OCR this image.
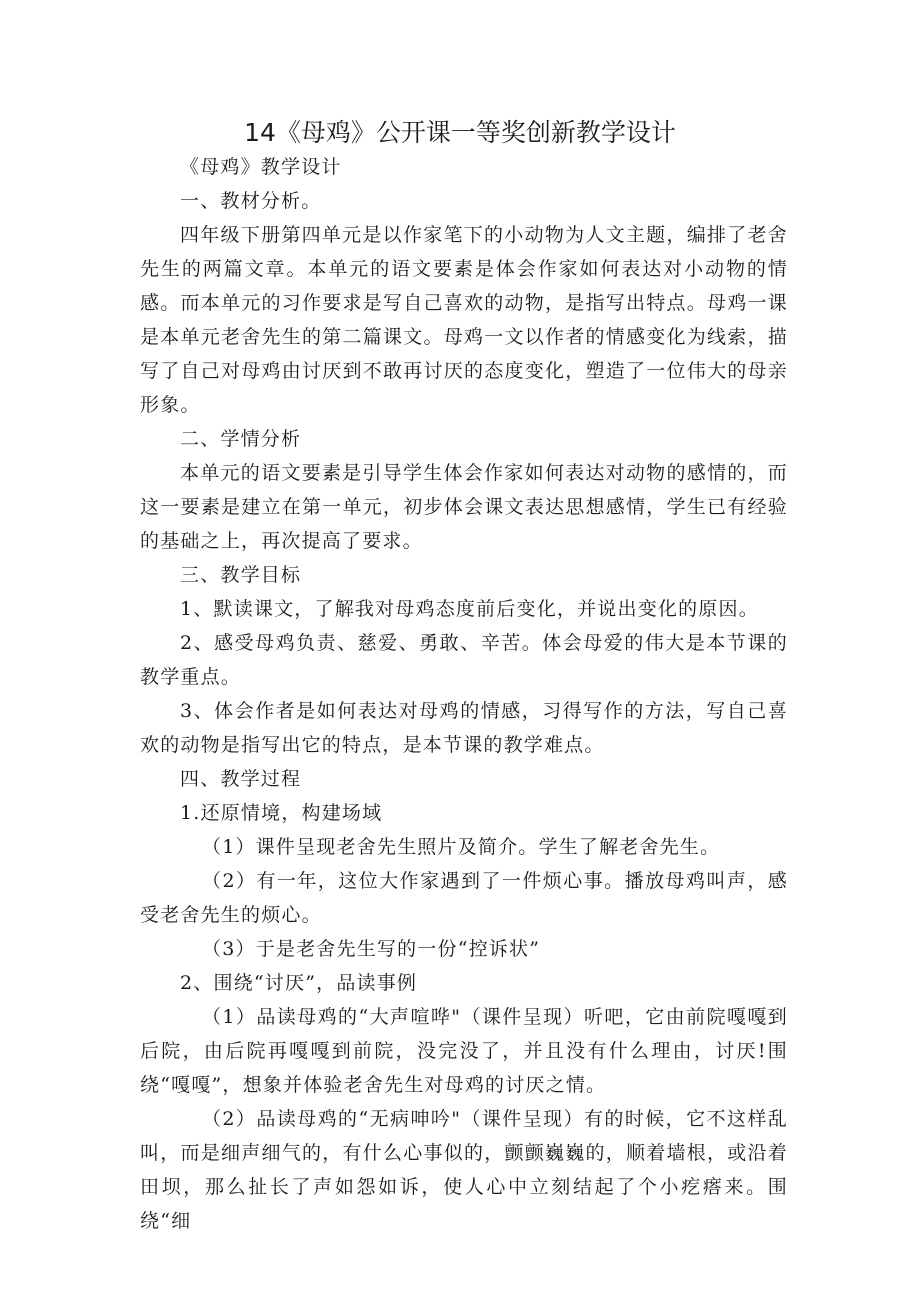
14《母鸡》公开课一等奖创新教学设计

《母鸡》教学设计

一、教材分析。

四年级下册第四单元是以作家笔下的小动物为人文主题，编排了老舍先生的两篇文章。本单元的语文要素是体会作家如何表达对小动物的情感。而本单元的习作要求是写自己喜欢的动物，是指写出特点。母鸡一课是本单元老舍先生的第二篇课文。母鸡一文以作者的情感变化为线索，描写了自己对母鸡由讨厌到不敢再讨厌的态度变化，塑造了一位伟大的母亲形象。

二、学情分析

本单元的语文要素是引导学生体会作家如何表达对动物的感情的，而这一要素是建立在第一单元，初步体会课文表达思想感情，学生已有经验的基础之上，再次提高了要求。

三、教学目标

1、默读课文，了解我对母鸡态度前后变化，并说出变化的原因。

2、感受母鸡负责、慈爱、勇敢、辛苦。体会母爱的伟大是本节课的教学重点。

3、体会作者是如何表达对母鸡的情感，习得写作的方法，写自己喜欢的动物是指写出它的特点，是本节课的教学难点。

四、教学过程

1.还原情境，构建场域

（1）课件呈现老舍先生照片及简介。学生了解老舍先生。

（2）有一年，这位大作家遇到了一件烦心事。播放母鸡叫声，感受老舍先生的烦心。

（3）于是老舍先生写的一份“控诉状”

2、围绕“讨厌”，品读事例

（1）品读母鸡的“大声喧哗"（课件呈现）听吧，它由前院嘎嘎到后院，由后院再嘎嘎到前院，没完没了，并且没有什么理由，讨厌!围绕“嘎嘎”，想象并体验老舍先生对母鸡的讨厌之情。

（2）品读母鸡的“无病呻吟"（课件呈现）有的时候，它不这样乱叫，而是细声细气的，有什么心事似的，颤颤巍巍的，顺着墙根，或沿着田坝，那么扯长了声如怨如诉，使人心中立刻结起了个小疙瘩来。围绕“细
